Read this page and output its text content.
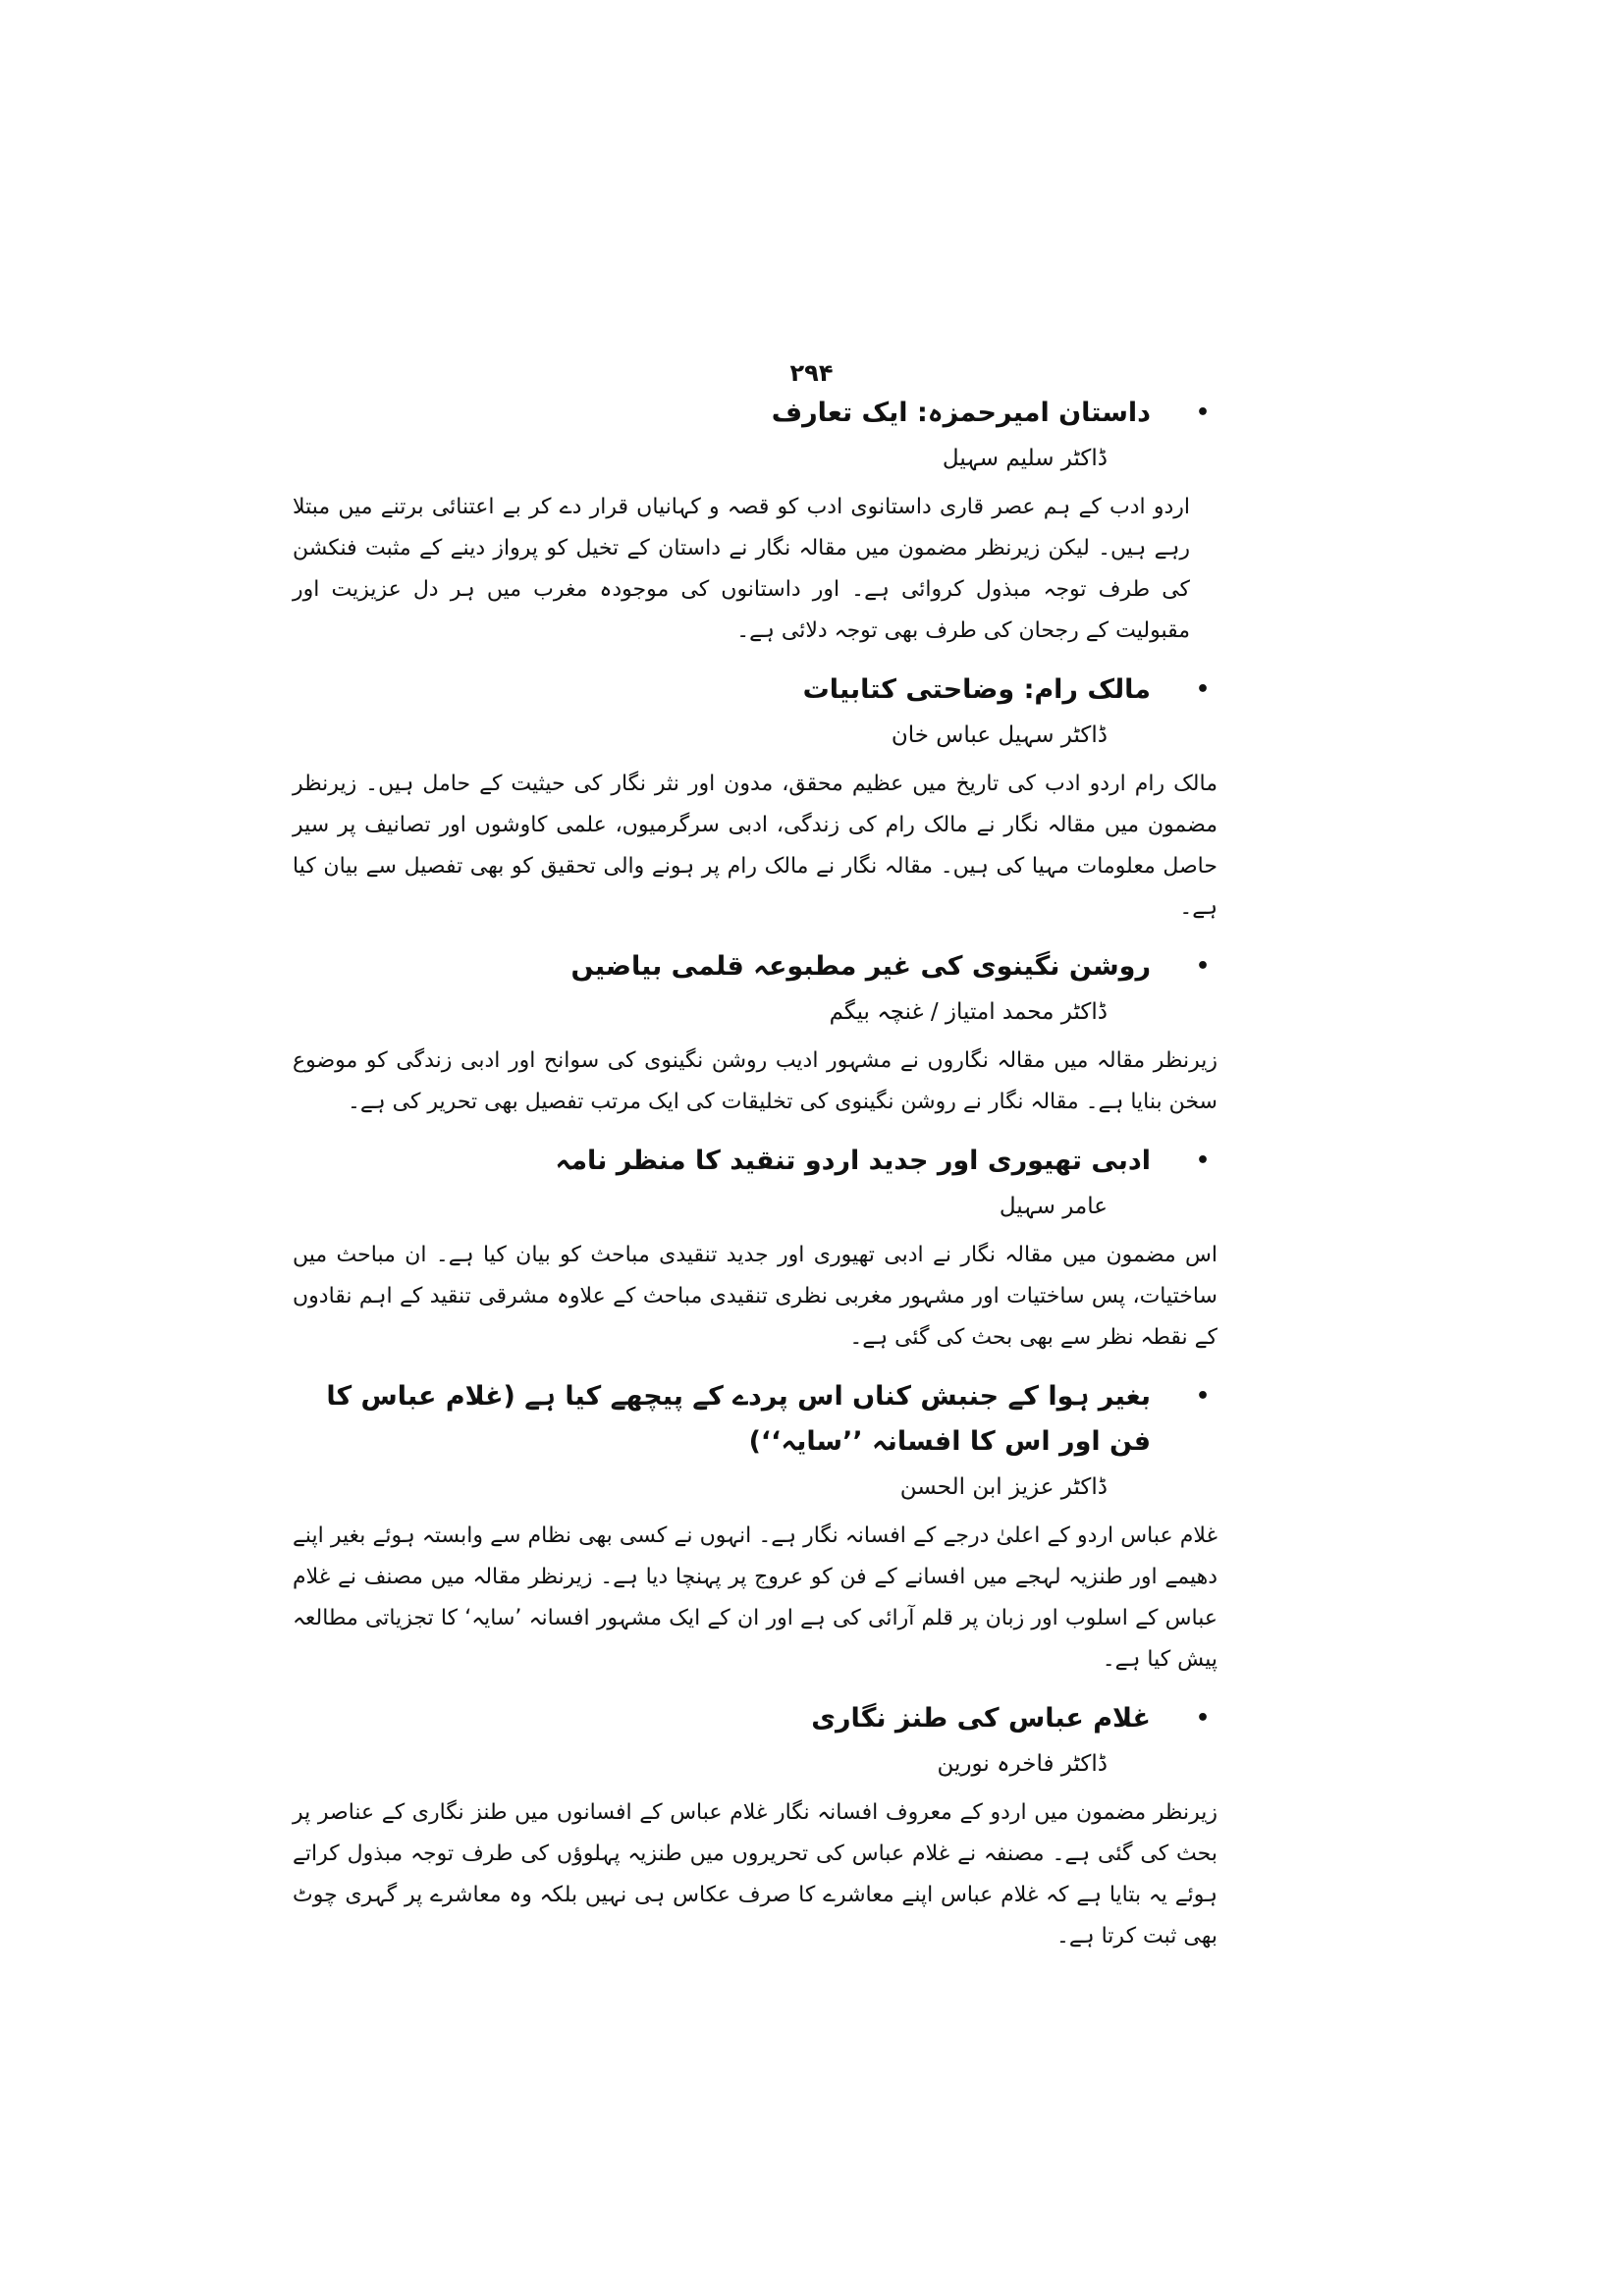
۲۹۴
•
داستان امیرحمزہ: ایک تعارف
ڈاکٹر سلیم سہیل

اردو ادب کے ہم عصر قاری داستانوی ادب کو قصہ و کہانیاں قرار دے کر بے اعتنائی برتنے میں مبتلا رہے ہیں۔ لیکن زیرنظر مضمون میں مقالہ نگار نے داستان کے تخیل کو پرواز دینے کے مثبت فنکشن کی طرف توجہ مبذول کروائی ہے۔ اور داستانوں کی موجودہ مغرب میں ہر دل عزیزیت اور مقبولیت کے رجحان کی طرف بھی توجہ دلائی ہے۔

•
مالک رام: وضاحتی کتابیات
ڈاکٹر سہیل عباس خان

مالک رام اردو ادب کی تاریخ میں عظیم محقق، مدون اور نثر نگار کی حیثیت کے حامل ہیں۔ زیرنظر مضمون میں مقالہ نگار نے مالک رام کی زندگی، ادبی سرگرمیوں، علمی کاوشوں اور تصانیف پر سیر حاصل معلومات مہیا کی ہیں۔ مقالہ نگار نے مالک رام پر ہونے والی تحقیق کو بھی تفصیل سے بیان کیا ہے۔

•
روشن نگینوی کی غیر مطبوعہ قلمی بیاضیں
ڈاکٹر محمد امتیاز / غنچہ بیگم

زیرنظر مقالہ میں مقالہ نگاروں نے مشہور ادیب روشن نگینوی کی سوانح اور ادبی زندگی کو موضوع سخن بنایا ہے۔ مقالہ نگار نے روشن نگینوی کی تخلیقات کی ایک مرتب تفصیل بھی تحریر کی ہے۔

•
ادبی تھیوری اور جدید اردو تنقید کا منظر نامہ
عامر سہیل

اس مضمون میں مقالہ نگار نے ادبی تھیوری اور جدید تنقیدی مباحث کو بیان کیا ہے۔ ان مباحث میں ساختیات، پس ساختیات اور مشہور مغربی نظری تنقیدی مباحث کے علاوہ مشرقی تنقید کے اہم نقادوں کے نقطہ نظر سے بھی بحث کی گئی ہے۔

•
بغیر ہوا کے جنبش کناں اس پردے کے پیچھے کیا ہے (غلام عباس کا فن اور اس کا افسانہ ’’سایہ‘‘)
ڈاکٹر عزیز ابن الحسن

غلام عباس اردو کے اعلیٰ درجے کے افسانہ نگار ہے۔ انہوں نے کسی بھی نظام سے وابستہ ہوئے بغیر اپنے دھیمے اور طنزیہ لہجے میں افسانے کے فن کو عروج پر پہنچا دیا ہے۔ زیرنظر مقالہ میں مصنف نے غلام عباس کے اسلوب اور زبان پر قلم آرائی کی ہے اور ان کے ایک مشہور افسانہ ’سایہ‘ کا تجزیاتی مطالعہ پیش کیا ہے۔

•
غلام عباس کی طنز نگاری
ڈاکٹر فاخرہ نورین

زیرنظر مضمون میں اردو کے معروف افسانہ نگار غلام عباس کے افسانوں میں طنز نگاری کے عناصر پر بحث کی گئی ہے۔ مصنفہ نے غلام عباس کی تحریروں میں طنزیہ پہلوؤں کی طرف توجہ مبذول کراتے ہوئے یہ بتایا ہے کہ غلام عباس اپنے معاشرے کا صرف عکاس ہی نہیں بلکہ وہ معاشرے پر گہری چوٹ بھی ثبت کرتا ہے۔
